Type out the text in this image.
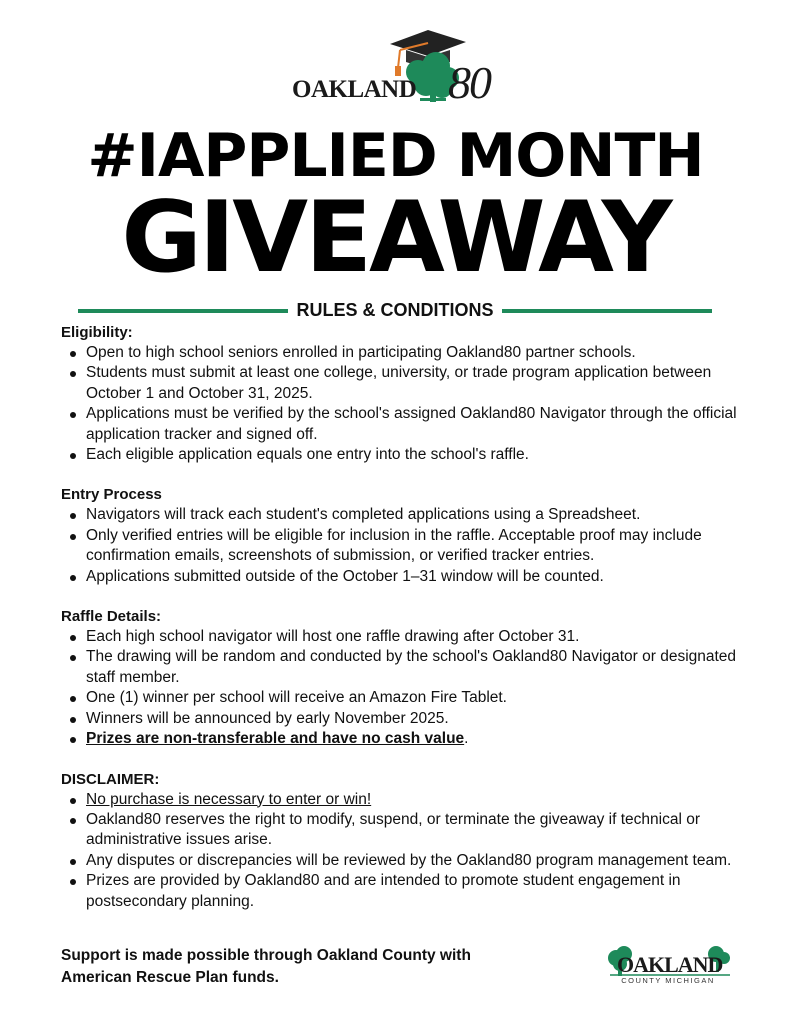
OAKLAND 80
#IAPPLIED MONTH
GIVEAWAY
RULES & CONDITIONS

Eligibility:

Open to high school seniors enrolled in participating Oakland80 partner schools.
Students must submit at least one college, university, or trade program application between October 1 and October 31, 2025.
Applications must be verified by the school's assigned Oakland80 Navigator through the official application tracker and signed off.
Each eligible application equals one entry into the school's raffle.

Entry Process

Navigators will track each student's completed applications using a Spreadsheet.
Only verified entries will be eligible for inclusion in the raffle. Acceptable proof may include confirmation emails, screenshots of submission, or verified tracker entries.
Applications submitted outside of the October 1–31 window will be counted.

Raffle Details:

Each high school navigator will host one raffle drawing after October 31.
The drawing will be random and conducted by the school's Oakland80 Navigator or designated staff member.
One (1) winner per school will receive an Amazon Fire Tablet.
Winners will be announced by early November 2025.
Prizes are non-transferable and have no cash value.

DISCLAIMER:

No purchase is necessary to enter or win!
Oakland80 reserves the right to modify, suspend, or terminate the giveaway if technical or administrative issues arise.
Any disputes or discrepancies will be reviewed by the Oakland80 program management team.
Prizes are provided by Oakland80 and are intended to promote student engagement in postsecondary planning.
Support is made possible through Oakland County with American Rescue Plan funds.
OAKLAND
COUNTY MICHIGAN
